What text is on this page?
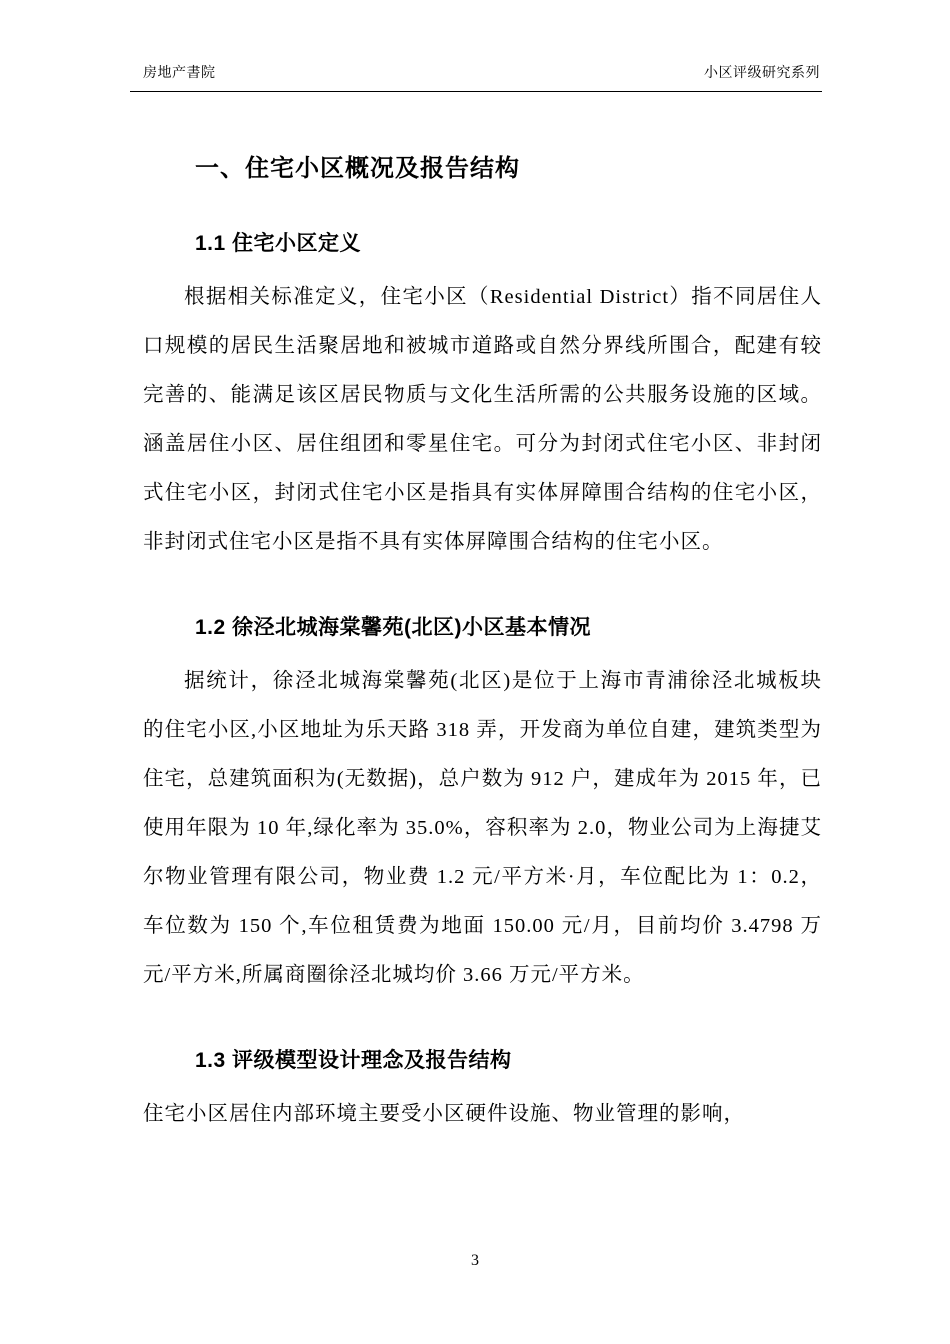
房地产書院	小区评级研究系列
一、住宅小区概况及报告结构
1.1 住宅小区定义

根据相关标准定义，住宅小区（Residential District）指不同居住人口规模的居民生活聚居地和被城市道路或自然分界线所围合，配建有较完善的、能满足该区居民物质与文化生活所需的公共服务设施的区域。涵盖居住小区、居住组团和零星住宅。可分为封闭式住宅小区、非封闭式住宅小区，封闭式住宅小区是指具有实体屏障围合结构的住宅小区，非封闭式住宅小区是指不具有实体屏障围合结构的住宅小区。

1.2 徐泾北城海棠馨苑(北区)小区基本情况

据统计，徐泾北城海棠馨苑(北区)是位于上海市青浦徐泾北城板块的住宅小区,小区地址为乐天路 318 弄，开发商为单位自建，建筑类型为住宅，总建筑面积为(无数据)，总户数为 912 户，建成年为 2015 年，已使用年限为 10 年,绿化率为 35.0%，容积率为 2.0，物业公司为上海捷艾尔物业管理有限公司，物业费 1.2 元/平方米·月，车位配比为 1：0.2，车位数为 150 个,车位租赁费为地面 150.00 元/月，目前均价 3.4798 万元/平方米,所属商圈徐泾北城均价 3.66 万元/平方米。

1.3 评级模型设计理念及报告结构

住宅小区居住内部环境主要受小区硬件设施、物业管理的影响，

3
